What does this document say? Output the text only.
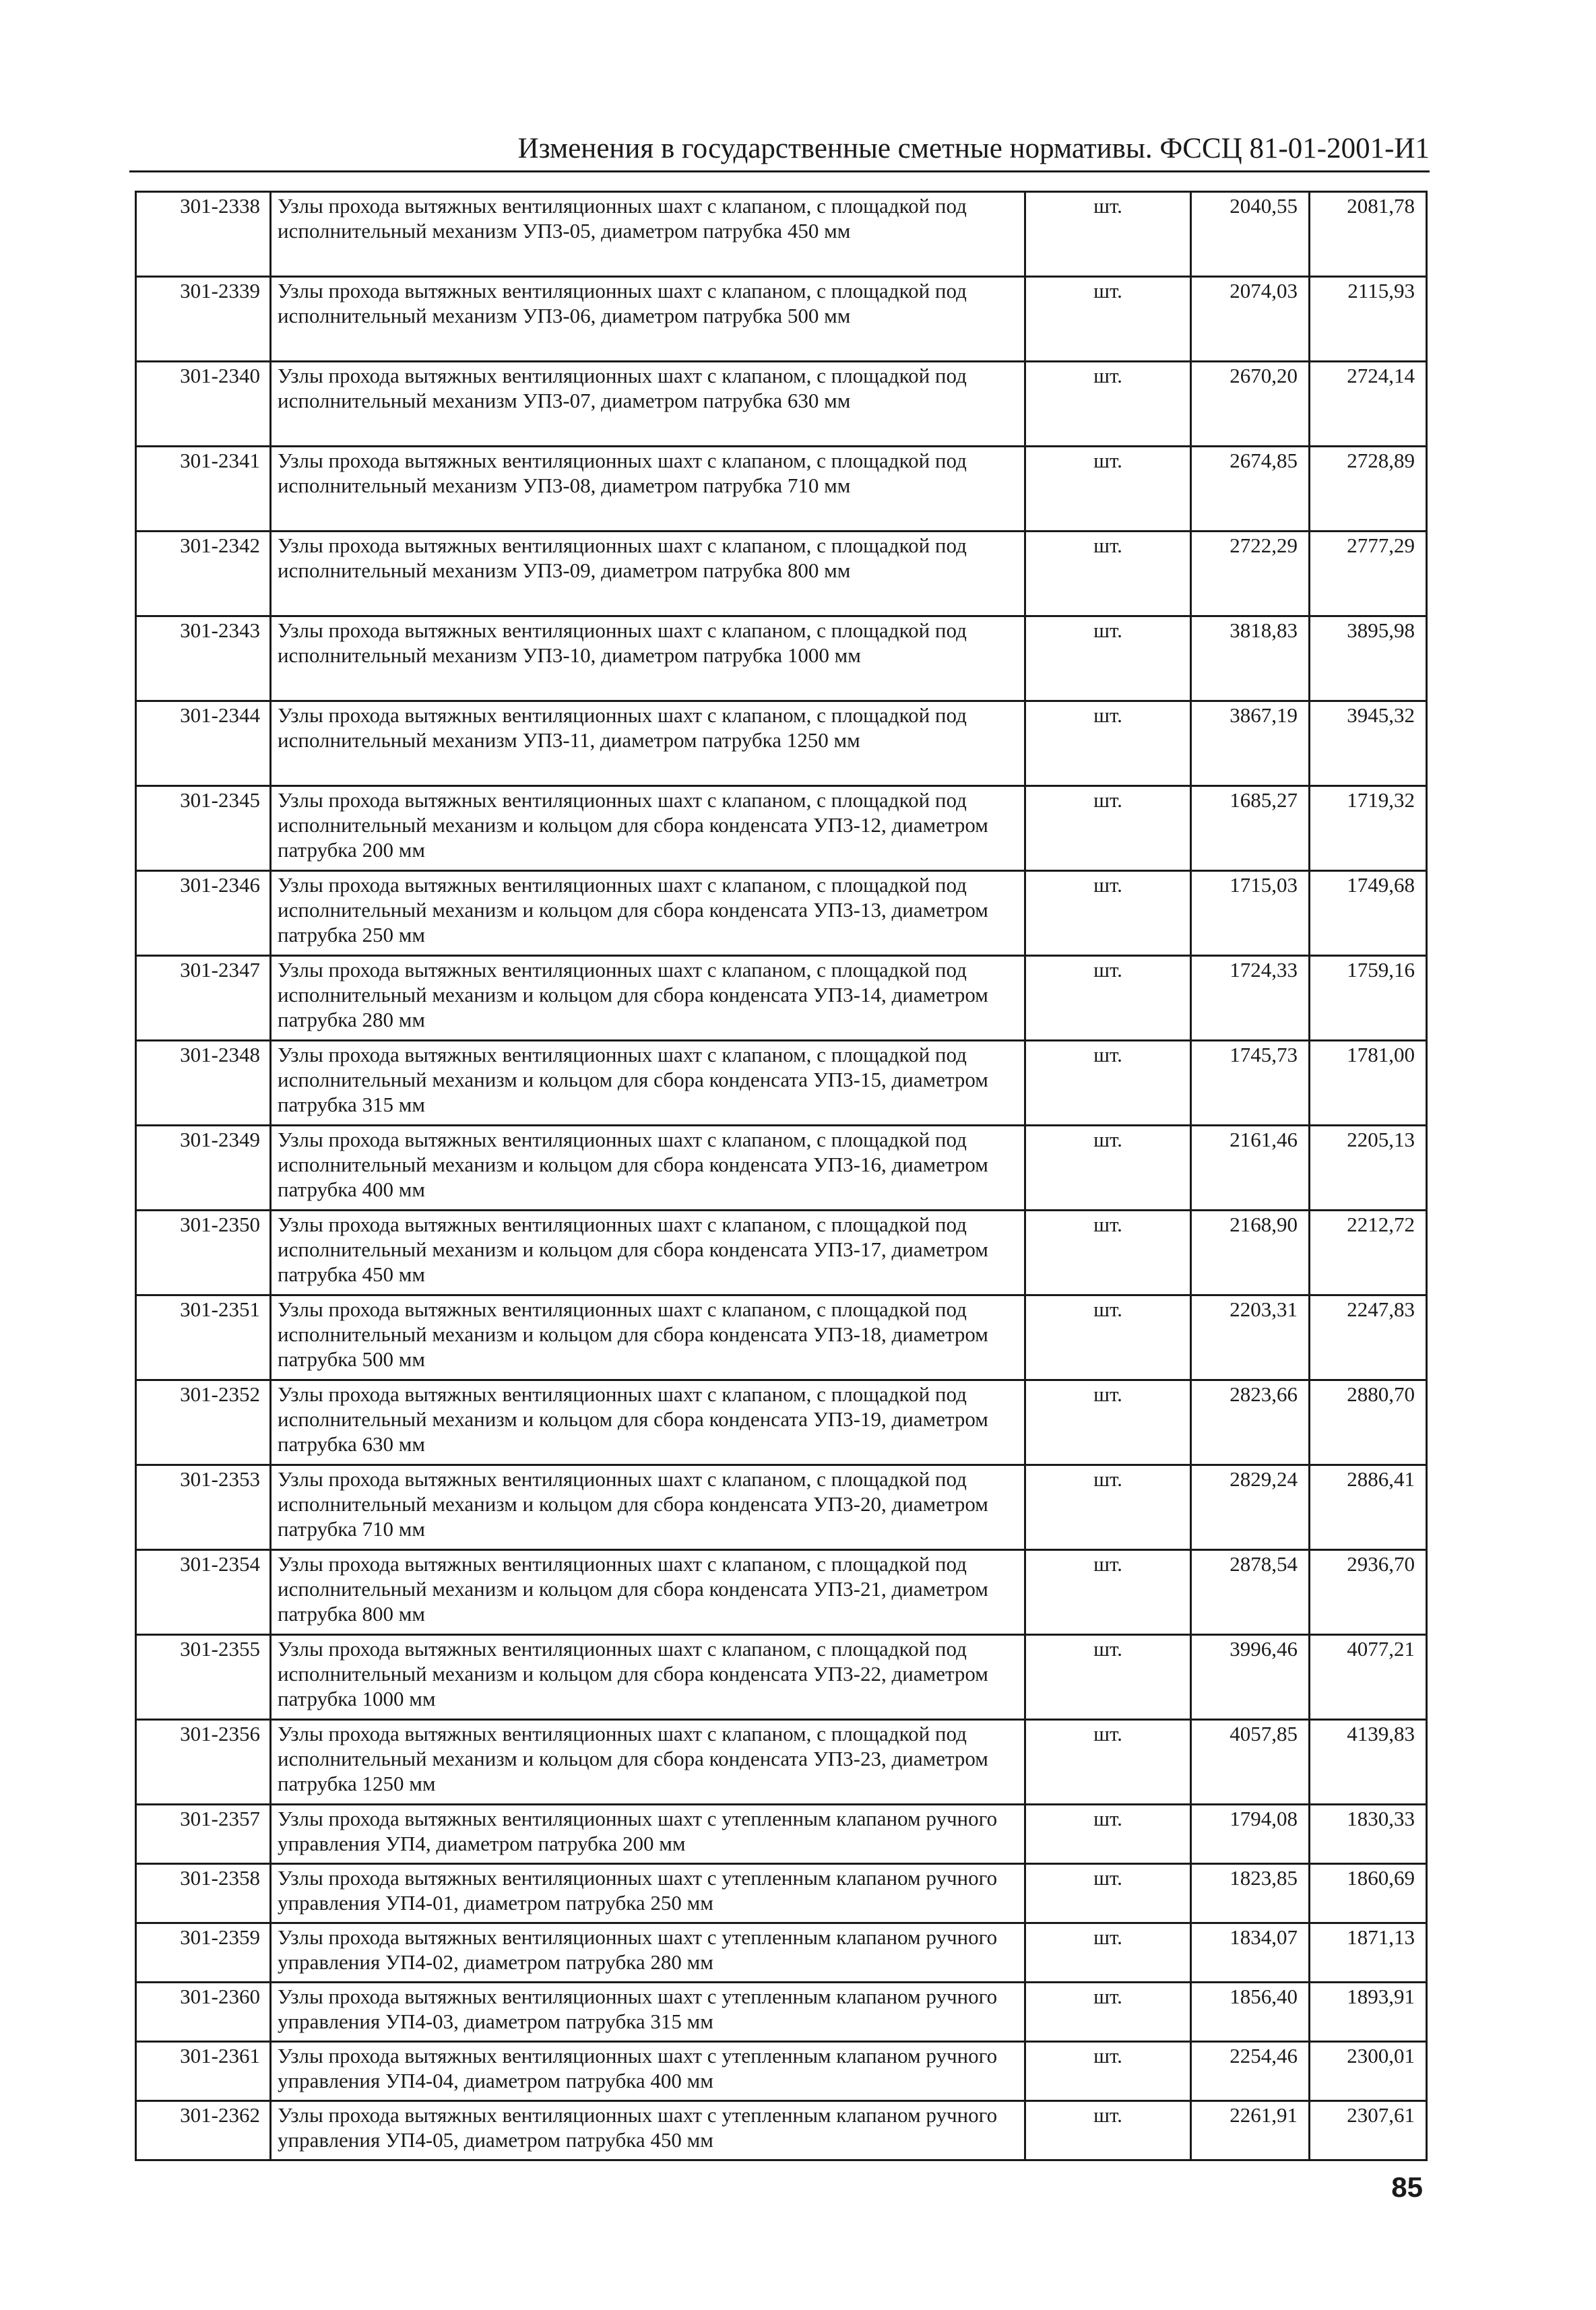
Изменения в государственные сметные нормативы. ФССЦ 81-01-2001-И1
301-2338	Узлы прохода вытяжных вентиляционных шахт с клапаном, с площадкой под исполнительный механизм УП3-05, диаметром патрубка 450 мм	шт.	2040,55	2081,78
301-2339	Узлы прохода вытяжных вентиляционных шахт с клапаном, с площадкой под исполнительный механизм УП3-06, диаметром патрубка 500 мм	шт.	2074,03	2115,93
301-2340	Узлы прохода вытяжных вентиляционных шахт с клапаном, с площадкой под исполнительный механизм УП3-07, диаметром патрубка 630 мм	шт.	2670,20	2724,14
301-2341	Узлы прохода вытяжных вентиляционных шахт с клапаном, с площадкой под исполнительный механизм УП3-08, диаметром патрубка 710 мм	шт.	2674,85	2728,89
301-2342	Узлы прохода вытяжных вентиляционных шахт с клапаном, с площадкой под исполнительный механизм УП3-09, диаметром патрубка 800 мм	шт.	2722,29	2777,29
301-2343	Узлы прохода вытяжных вентиляционных шахт с клапаном, с площадкой под исполнительный механизм УП3-10, диаметром патрубка 1000 мм	шт.	3818,83	3895,98
301-2344	Узлы прохода вытяжных вентиляционных шахт с клапаном, с площадкой под исполнительный механизм УП3-11, диаметром патрубка 1250 мм	шт.	3867,19	3945,32
301-2345	Узлы прохода вытяжных вентиляционных шахт с клапаном, с площадкой под исполнительный механизм и кольцом для сбора конденсата УП3-12, диаметром патрубка 200 мм	шт.	1685,27	1719,32
301-2346	Узлы прохода вытяжных вентиляционных шахт с клапаном, с площадкой под исполнительный механизм и кольцом для сбора конденсата УП3-13, диаметром патрубка 250 мм	шт.	1715,03	1749,68
301-2347	Узлы прохода вытяжных вентиляционных шахт с клапаном, с площадкой под исполнительный механизм и кольцом для сбора конденсата УП3-14, диаметром патрубка 280 мм	шт.	1724,33	1759,16
301-2348	Узлы прохода вытяжных вентиляционных шахт с клапаном, с площадкой под исполнительный механизм и кольцом для сбора конденсата УП3-15, диаметром патрубка 315 мм	шт.	1745,73	1781,00
301-2349	Узлы прохода вытяжных вентиляционных шахт с клапаном, с площадкой под исполнительный механизм и кольцом для сбора конденсата УП3-16, диаметром патрубка 400 мм	шт.	2161,46	2205,13
301-2350	Узлы прохода вытяжных вентиляционных шахт с клапаном, с площадкой под исполнительный механизм и кольцом для сбора конденсата УП3-17, диаметром патрубка 450 мм	шт.	2168,90	2212,72
301-2351	Узлы прохода вытяжных вентиляционных шахт с клапаном, с площадкой под исполнительный механизм и кольцом для сбора конденсата УП3-18, диаметром патрубка 500 мм	шт.	2203,31	2247,83
301-2352	Узлы прохода вытяжных вентиляционных шахт с клапаном, с площадкой под исполнительный механизм и кольцом для сбора конденсата УП3-19, диаметром патрубка 630 мм	шт.	2823,66	2880,70
301-2353	Узлы прохода вытяжных вентиляционных шахт с клапаном, с площадкой под исполнительный механизм и кольцом для сбора конденсата УП3-20, диаметром патрубка 710 мм	шт.	2829,24	2886,41
301-2354	Узлы прохода вытяжных вентиляционных шахт с клапаном, с площадкой под исполнительный механизм и кольцом для сбора конденсата УП3-21, диаметром патрубка 800 мм	шт.	2878,54	2936,70
301-2355	Узлы прохода вытяжных вентиляционных шахт с клапаном, с площадкой под исполнительный механизм и кольцом для сбора конденсата УП3-22, диаметром патрубка 1000 мм	шт.	3996,46	4077,21
301-2356	Узлы прохода вытяжных вентиляционных шахт с клапаном, с площадкой под исполнительный механизм и кольцом для сбора конденсата УП3-23, диаметром патрубка 1250 мм	шт.	4057,85	4139,83
301-2357	Узлы прохода вытяжных вентиляционных шахт с утепленным клапаном ручного управления УП4, диаметром патрубка 200 мм	шт.	1794,08	1830,33
301-2358	Узлы прохода вытяжных вентиляционных шахт с утепленным клапаном ручного управления УП4-01, диаметром патрубка 250 мм	шт.	1823,85	1860,69
301-2359	Узлы прохода вытяжных вентиляционных шахт с утепленным клапаном ручного управления УП4-02, диаметром патрубка 280 мм	шт.	1834,07	1871,13
301-2360	Узлы прохода вытяжных вентиляционных шахт с утепленным клапаном ручного управления УП4-03, диаметром патрубка 315 мм	шт.	1856,40	1893,91
301-2361	Узлы прохода вытяжных вентиляционных шахт с утепленным клапаном ручного управления УП4-04, диаметром патрубка 400 мм	шт.	2254,46	2300,01
301-2362	Узлы прохода вытяжных вентиляционных шахт с утепленным клапаном ручного управления УП4-05, диаметром патрубка 450 мм	шт.	2261,91	2307,61
85
